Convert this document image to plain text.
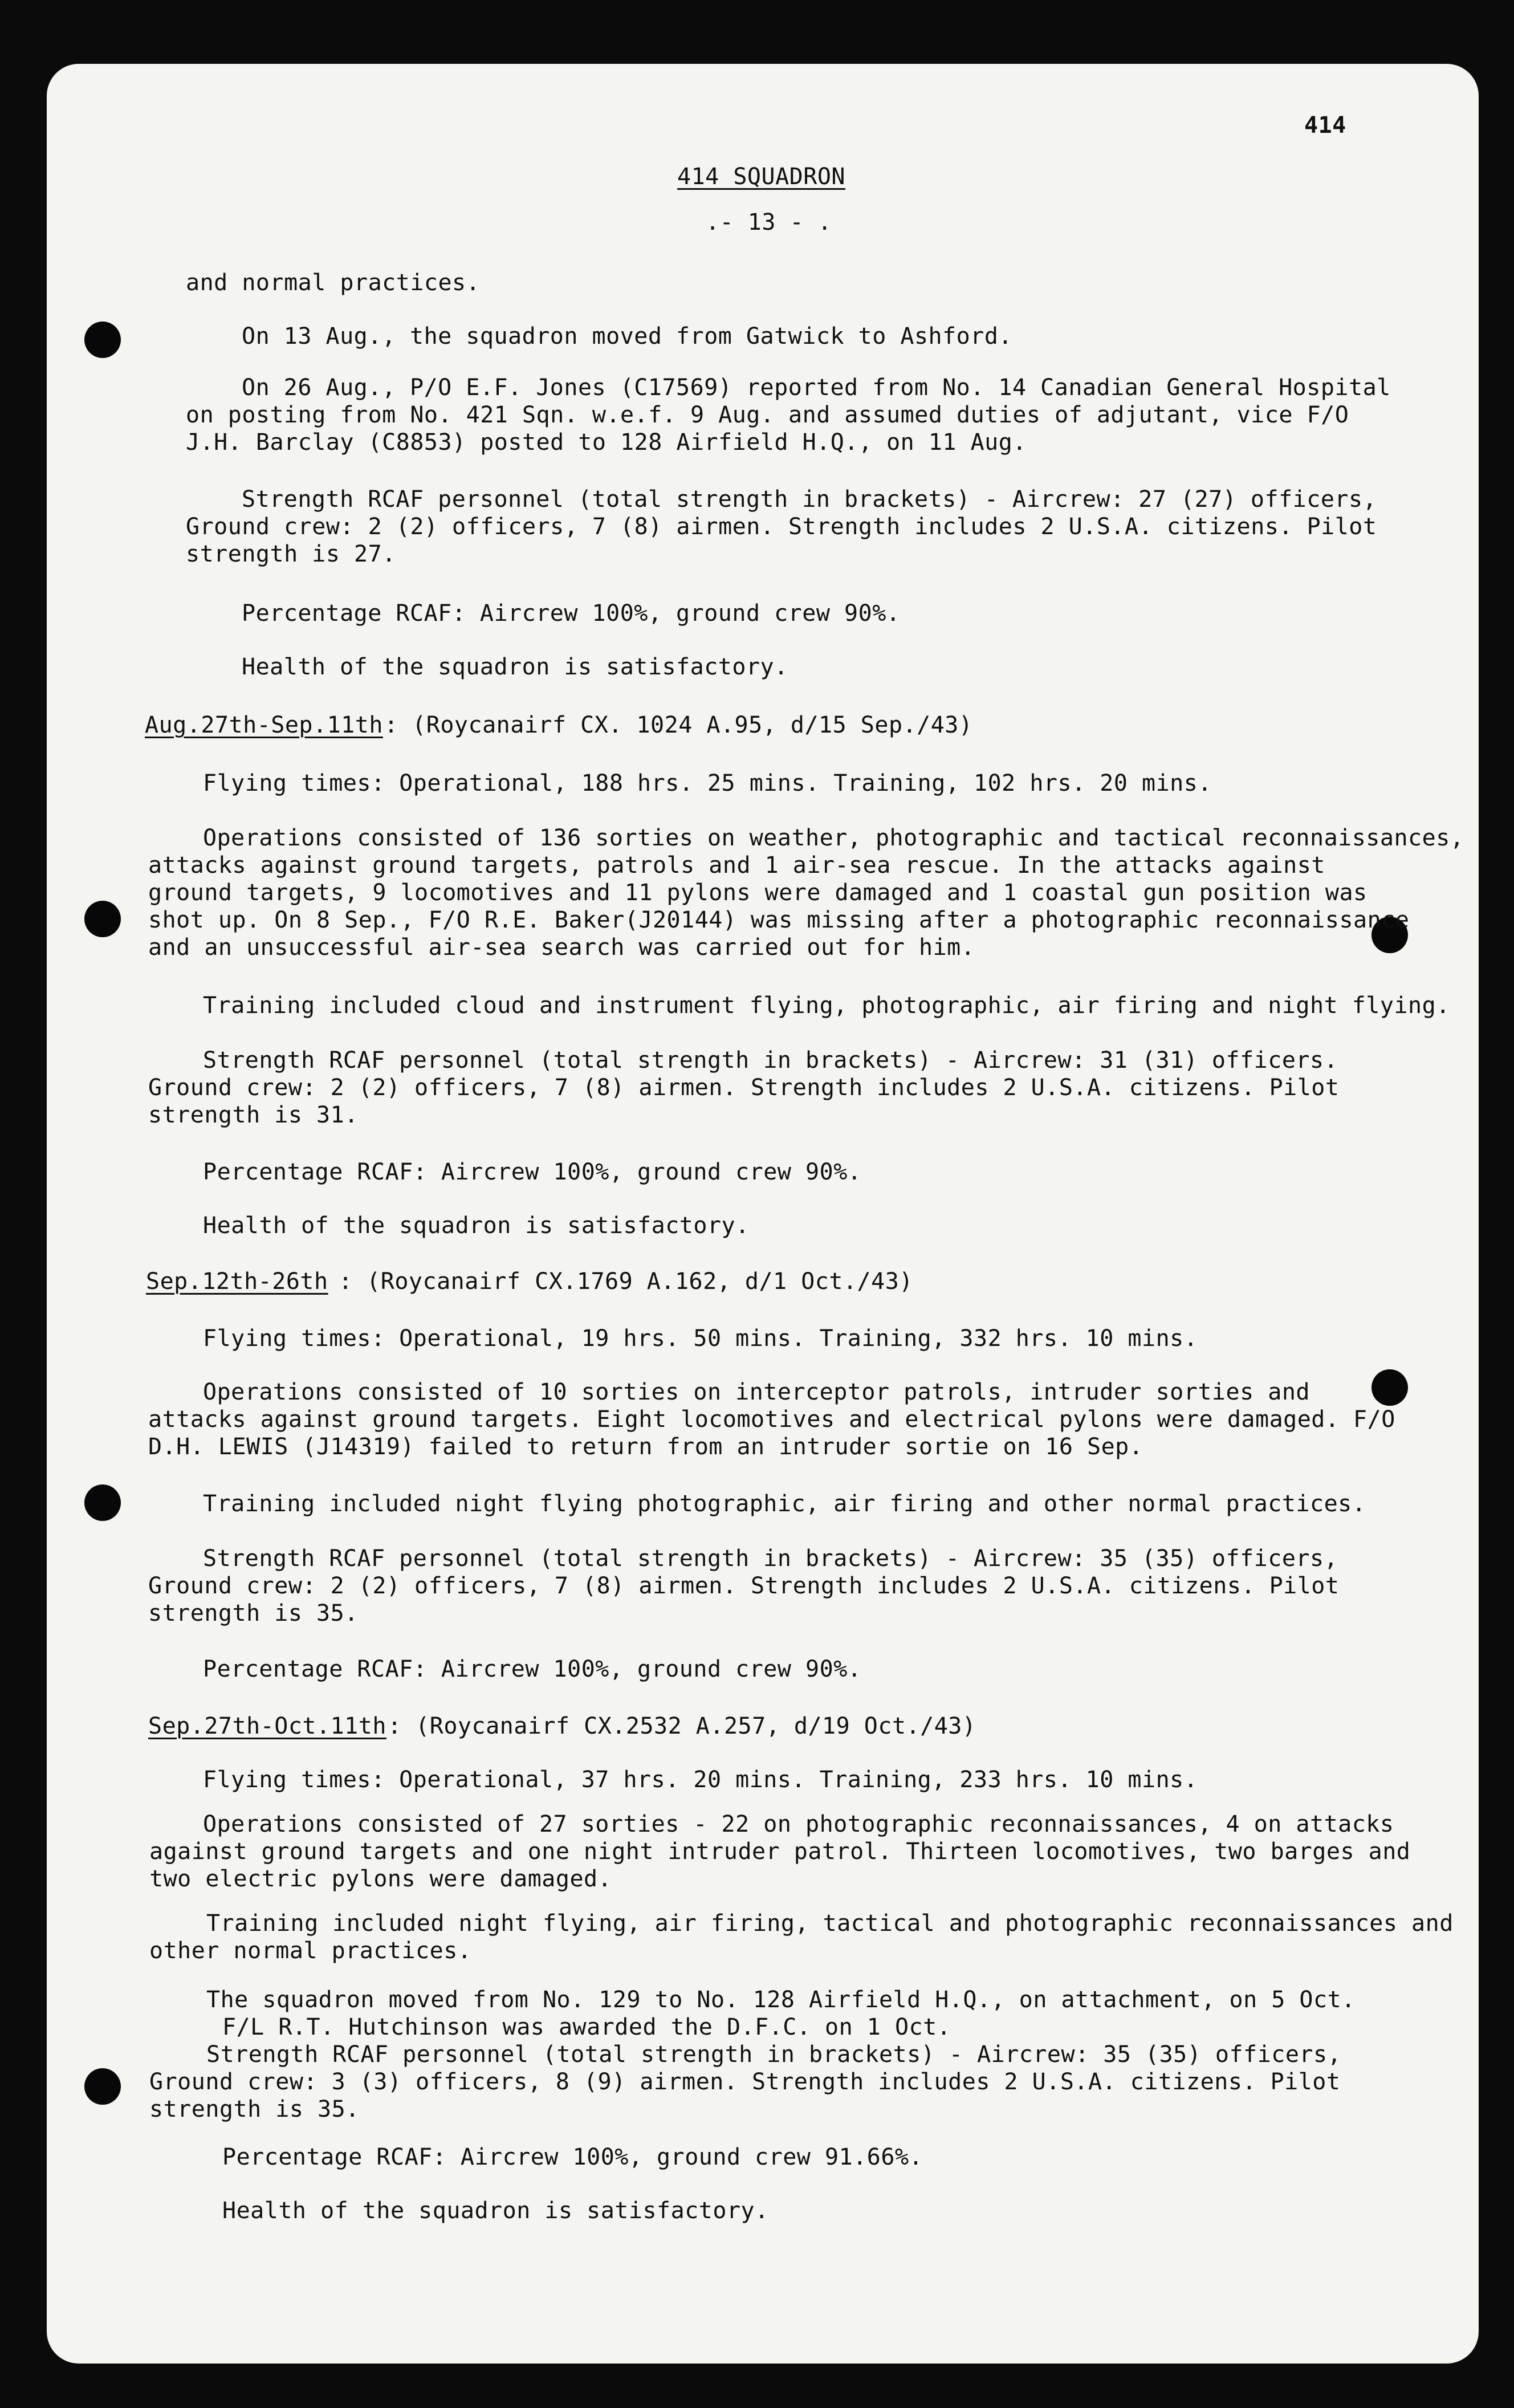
414
414 SQUADRON
.- 13 - .
and normal practices.
On 13 Aug., the squadron moved from Gatwick to Ashford.
On 26 Aug., P/O E.F. Jones (C17569) reported from No. 14 Canadian General Hospital
on posting from No. 421 Sqn. w.e.f. 9 Aug. and assumed duties of adjutant, vice F/O
J.H. Barclay (C8853) posted to 128 Airfield H.Q., on 11 Aug.
Strength RCAF personnel (total strength in brackets) - Aircrew: 27 (27) officers,
Ground crew: 2 (2) officers, 7 (8) airmen. Strength includes 2 U.S.A. citizens. Pilot
strength is 27.
Percentage RCAF: Aircrew 100%, ground crew 90%.
Health of the squadron is satisfactory.
Aug.27th-Sep.11th : (Roycanairf CX. 1024 A.95, d/15 Sep./43)
Flying times: Operational, 188 hrs. 25 mins. Training, 102 hrs. 20 mins.
Operations consisted of 136 sorties on weather, photographic and tactical reconnaissances,
attacks against ground targets, patrols and 1 air-sea rescue. In the attacks against
ground targets, 9 locomotives and 11 pylons were damaged and 1 coastal gun position was
shot up. On 8 Sep., F/O R.E. Baker(J20144) was missing after a photographic reconnaissance
and an unsuccessful air-sea search was carried out for him.
Training included cloud and instrument flying, photographic, air firing and night flying.
Strength RCAF personnel (total strength in brackets) - Aircrew: 31 (31) officers.
Ground crew: 2 (2) officers, 7 (8) airmen. Strength includes 2 U.S.A. citizens. Pilot
strength is 31.
Percentage RCAF: Aircrew 100%, ground crew 90%.
Health of the squadron is satisfactory.
Sep.12th-26th : (Roycanairf CX.1769 A.162, d/1 Oct./43)
Flying times: Operational, 19 hrs. 50 mins. Training, 332 hrs. 10 mins.
Operations consisted of 10 sorties on interceptor patrols, intruder sorties and
attacks against ground targets. Eight locomotives and electrical pylons were damaged. F/O
D.H. LEWIS (J14319) failed to return from an intruder sortie on 16 Sep.
Training included night flying photographic, air firing and other normal practices.
Strength RCAF personnel (total strength in brackets) - Aircrew: 35 (35) officers,
Ground crew: 2 (2) officers, 7 (8) airmen. Strength includes 2 U.S.A. citizens. Pilot
strength is 35.
Percentage RCAF: Aircrew 100%, ground crew 90%.
Sep.27th-Oct.11th : (Roycanairf CX.2532 A.257, d/19 Oct./43)
Flying times: Operational, 37 hrs. 20 mins. Training, 233 hrs. 10 mins.
Operations consisted of 27 sorties - 22 on photographic reconnaissances, 4 on attacks
against ground targets and one night intruder patrol. Thirteen locomotives, two barges and
two electric pylons were damaged.
Training included night flying, air firing, tactical and photographic reconnaissances and
other normal practices.
The squadron moved from No. 129 to No. 128 Airfield H.Q., on attachment, on 5 Oct.
F/L R.T. Hutchinson was awarded the D.F.C. on 1 Oct.
Strength RCAF personnel (total strength in brackets) - Aircrew: 35 (35) officers,
Ground crew: 3 (3) officers, 8 (9) airmen. Strength includes 2 U.S.A. citizens. Pilot
strength is 35.
Percentage RCAF: Aircrew 100%, ground crew 91.66%.
Health of the squadron is satisfactory.
